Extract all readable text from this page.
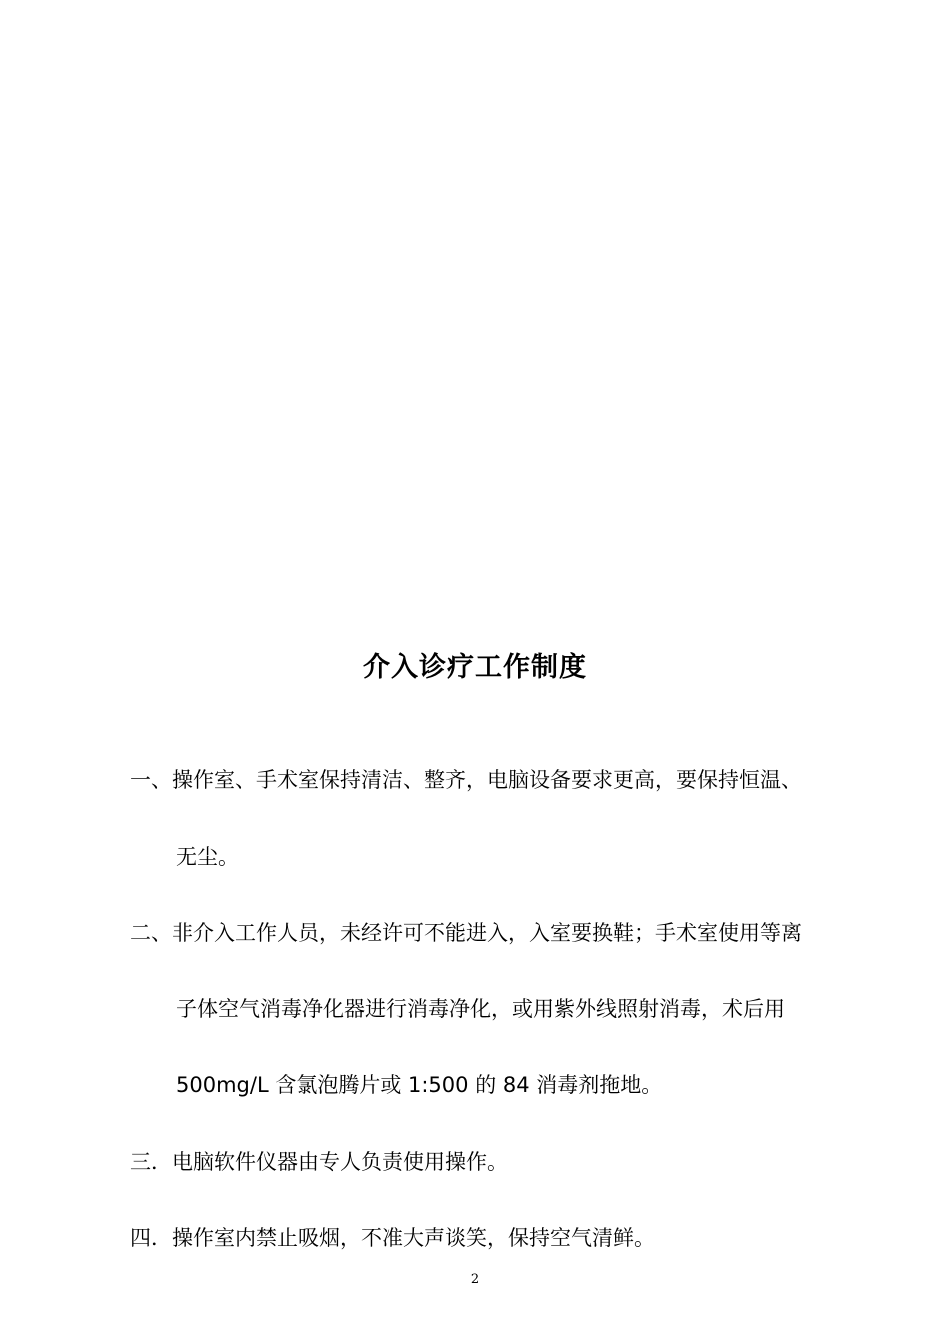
介入诊疗工作制度
一、操作室、手术室保持清洁、整齐，电脑设备要求更高，要保持恒温、
无尘。
二、非介入工作人员，未经许可不能进入，入室要换鞋；手术室使用等离
子体空气消毒净化器进行消毒净化，或用紫外线照射消毒，术后用
500mg/L 含氯泡腾片或 1:500 的 84 消毒剂拖地。
三．电脑软件仪器由专人负责使用操作。
四．操作室内禁止吸烟，不准大声谈笑，保持空气清鲜。
2
